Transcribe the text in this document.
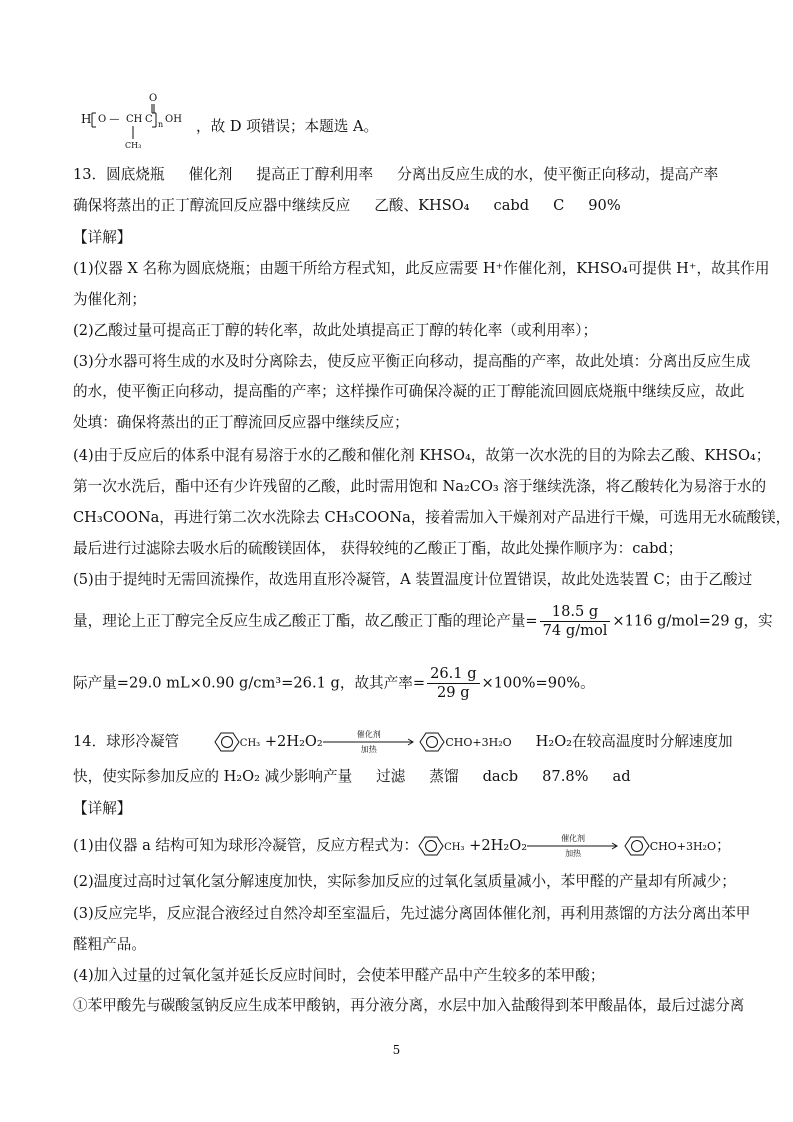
H O — CH C
O
n OH
CH₃
，故 D 项错误；本题选 A。
13．圆底烧瓶 催化剂 提高正丁醇利用率 分离出反应生成的水，使平衡正向移动，提高产率
确保将蒸出的正丁醇流回反应器中继续反应 乙酸、KHSO₄ cabd C 90%
【详解】
(1)仪器 X 名称为圆底烧瓶；由题干所给方程式知，此反应需要 H⁺作催化剂，KHSO₄可提供 H⁺，故其作用
为催化剂；
(2)乙酸过量可提高正丁醇的转化率，故此处填提高正丁醇的转化率（或利用率）；
(3)分水器可将生成的水及时分离除去，使反应平衡正向移动，提高酯的产率，故此处填：分离出反应生成
的水，使平衡正向移动，提高酯的产率；这样操作可确保冷凝的正丁醇能流回圆底烧瓶中继续反应，故此
处填：确保将蒸出的正丁醇流回反应器中继续反应；
(4)由于反应后的体系中混有易溶于水的乙酸和催化剂 KHSO₄，故第一次水洗的目的为除去乙酸、KHSO₄；
第一次水洗后，酯中还有少许残留的乙酸，此时需用饱和 Na₂CO₃ 溶于继续洗涤，将乙酸转化为易溶于水的
CH₃COONa，再进行第二次水洗除去 CH₃COONa，接着需加入干燥剂对产品进行干燥，可选用无水硫酸镁，
最后进行过滤除去吸水后的硫酸镁固体， 获得较纯的乙酸正丁酯，故此处操作顺序为：cabd；
(5)由于提纯时无需回流操作，故选用直形冷凝管，A 装置温度计位置错误，故此处选装置 C；由于乙酸过
量，理论上正丁醇完全反应生成乙酸正丁酯，故乙酸正丁酯的理论产量= $\frac{18.5 g}{\text{74 g/mol}} \times 116$ g/mol=29 g，实
际产量=29.0 mL×0.90 g/cm³=26.1 g，故其产率= $\frac{26.1 g}{29 g} \times 100\%=90\%$。
14．球形冷凝管	CH₃ +2H₂O₂	催化剂
加热
CHO+3H₂O H₂O₂在较高温度时分解速度加
快，使实际参加反应的 H₂O₂ 减少影响产量 过滤 蒸馏 dacb 87.8% ad
【详解】
(1)由仪器 a 结构可知为球形冷凝管，反应方程式为：	CH₃ +2H₂O₂	催化剂
加热
CHO+3H₂O；
(2)温度过高时过氧化氢分解速度加快，实际参加反应的过氧化氢质量减小，苯甲醛的产量却有所减少；
(3)反应完毕，反应混合液经过自然冷却至室温后，先过滤分离固体催化剂，再利用蒸馏的方法分离出苯甲
醛粗产品。
(4)加入过量的过氧化氢并延长反应时间时，会使苯甲醛产品中产生较多的苯甲酸；
①苯甲酸先与碳酸氢钠反应生成苯甲酸钠，再分液分离，水层中加入盐酸得到苯甲酸晶体，最后过滤分离
5
